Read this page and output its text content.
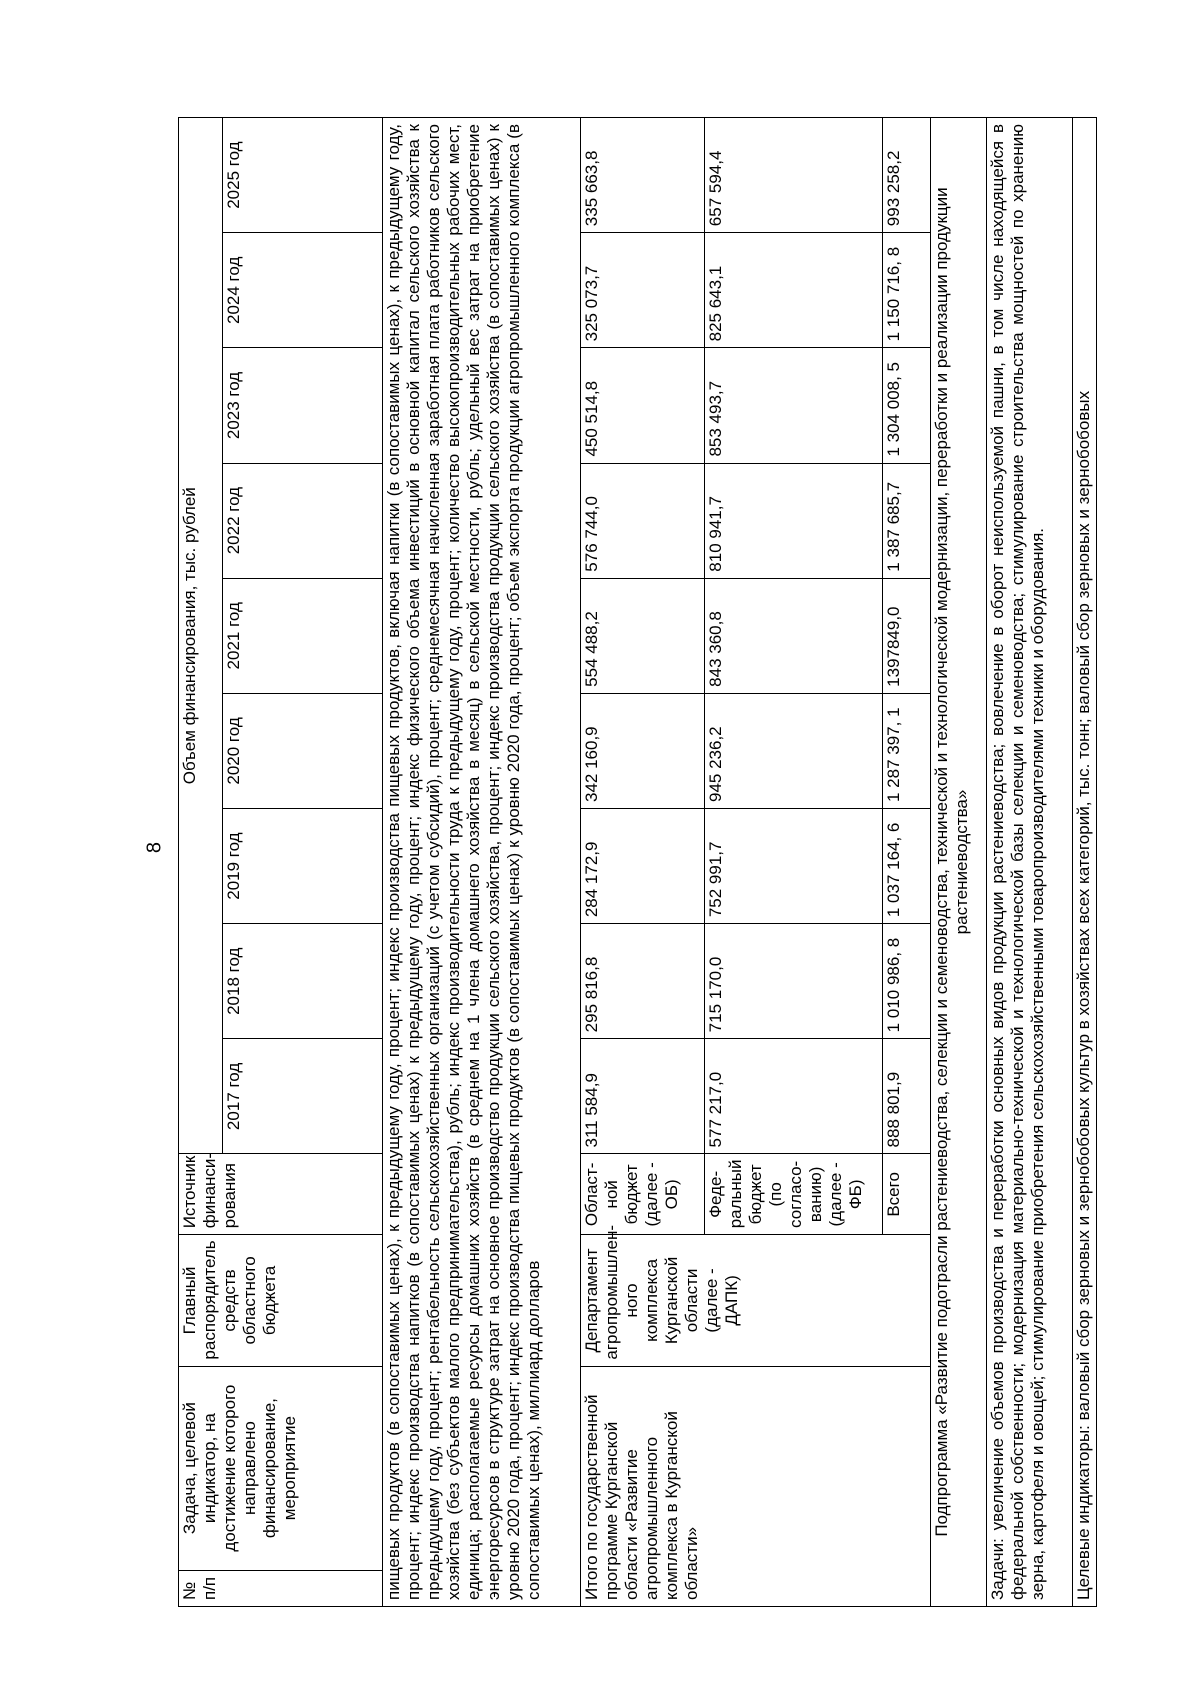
8
№ п/п	Задача, целевой индикатор, на достижение которого направлено финансирование, мероприятие	Главный распорядитель средств областного бюджета	Источник финанси- рования	Объем финансирования, тыс. рублей								
				2017 год	2018 год	2019 год	2020 год	2021 год	2022 год	2023 год	2024 год	2025 год
пищевых продуктов (в сопоставимых ценах), к предыдущему году, процент; индекс производства пищевых продуктов, включая напитки (в сопоставимых ценах), к предыдущему году, процент; индекс производства напитков (в сопоставимых ценах) к предыдущему году, процент; индекс физического объема инвестиций в основной капитал сельского хозяйства к предыдущему году, процент; рентабельность сельскохозяйственных организаций (с учетом субсидий), процент; среднемесячная начисленная заработная плата работников сельского хозяйства (без субъектов малого предпринимательства), рубль; индекс производительности труда к предыдущему году, процент; количество высокопроизводительных рабочих мест, единица; располагаемые ресурсы домашних хозяйств (в среднем на 1 члена домашнего хозяйства в месяц) в сельской местности, рубль; удельный вес затрат на приобретение энергоресурсов в структуре затрат на основное производство продукции сельского хозяйства, процент; индекс производства продукции сельского хозяйства (в сопоставимых ценах) к уровню 2020 года, процент; индекс производства пищевых продуктов (в сопоставимых ценах) к уровню 2020 года, процент; объем экспорта продукции агропромышленного комплекса (в сопоставимых ценах), миллиард долларов												
Итого по государственной программе Курганской области «Развитие агропромышленного комплекса в Курганской области»		Департамент агропромышлен- ного комплекса Курганской области (далее - ДАПК)	Област- ной бюджет (далее - ОБ)	311 584,9	295 816,8	284 172,9	342 160,9	554 488,2	576 744,0	450 514,8	325 073,7	335 663,8
			Феде- ральный бюджет (по согласо- ванию) (далее - ФБ)	577 217,0	715 170,0	752 991,7	945 236,2	843 360,8	810 941,7	853 493,7	825 643,1	657 594,4
			Всего	888 801,9	1 010 986, 8	1 037 164, 6	1 287 397, 1	1397849,0	1 387 685,7	1 304 008, 5	1 150 716, 8	993 258,2
Подпрограмма «Развитие подотрасли растениеводства, селекции и семеноводства, технической и технологической модернизации, переработки и реализации продукции растениеводства»												
Задачи: увеличение объемов производства и переработки основных видов продукции растениеводства; вовлечение в оборот неиспользуемой пашни, в том числе находящейся в федеральной собственности; модернизация материально-технической и технологической базы селекции и семеноводства; стимулирование строительства мощностей по хранению зерна, картофеля и овощей; стимулирование приобретения сельскохозяйственными товаропроизводителями техники и оборудования.												
Целевые индикаторы: валовый сбор зерновых и зернобобовых культур в хозяйствах всех категорий, тыс. тонн; валовый сбор зерновых и зернобобовых												
